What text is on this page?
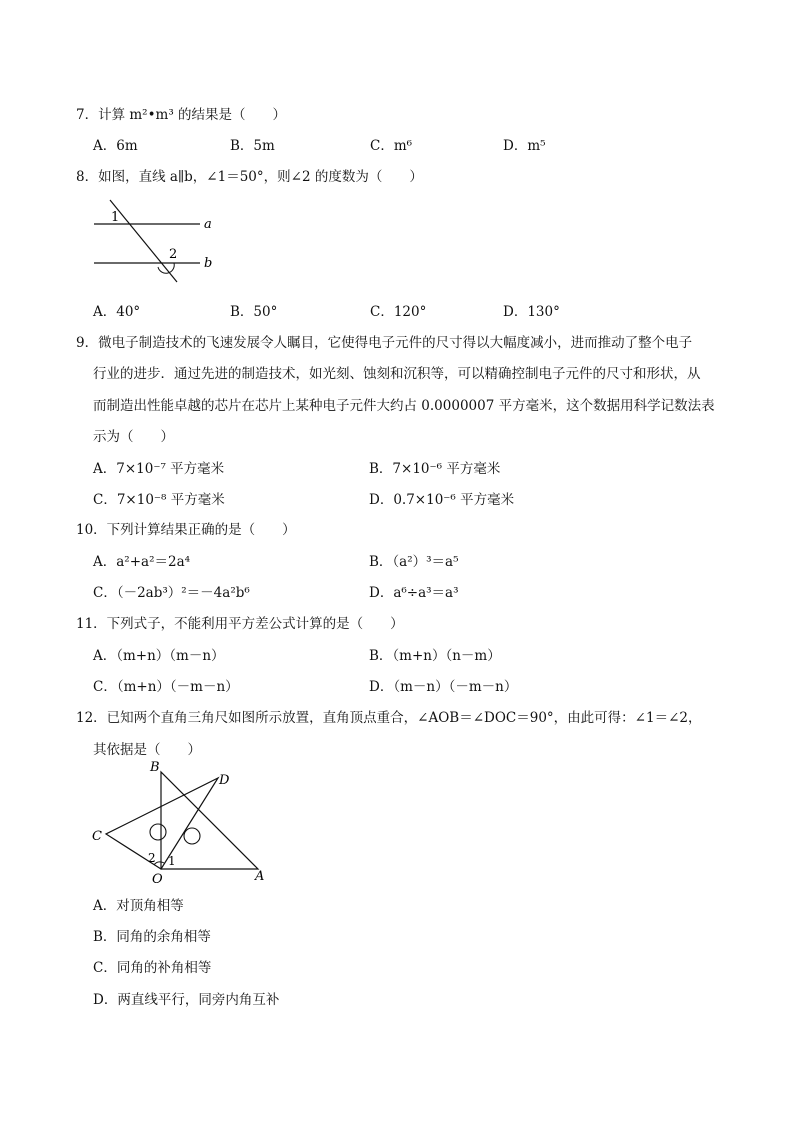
7．计算 m²•m³ 的结果是（　　）
A．6m	B．5m	C．m⁶	D．m⁵
8．如图，直线 a∥b，∠1＝50°，则∠2 的度数为（　　）
1
2
a
b
A．40°	B．50°	C．120°	D．130°
9．微电子制造技术的飞速发展令人瞩目，它使得电子元件的尺寸得以大幅度减小，进而推动了整个电子
行业的进步．通过先进的制造技术，如光刻、蚀刻和沉积等，可以精确控制电子元件的尺寸和形状，从
而制造出性能卓越的芯片在芯片上某种电子元件大约占 0.0000007 平方毫米，这个数据用科学记数法表
示为（　　）
A．7×10⁻⁷ 平方毫米	B．7×10⁻⁶ 平方毫米
C．7×10⁻⁸ 平方毫米	D．0.7×10⁻⁶ 平方毫米
10．下列计算结果正确的是（　　）
A．a²+a²＝2a⁴	B．（a²）³＝a⁵
C．（－2ab³）²＝－4a²b⁶	D．a⁶÷a³＝a³
11．下列式子，不能利用平方差公式计算的是（　　）
A．（m+n）（m－n）	B．（m+n）（n－m）
C．（m+n）（－m－n）	D．（m－n）（－m－n）
12．已知两个直角三角尺如图所示放置，直角顶点重合，∠AOB＝∠DOC＝90°，由此可得：∠1＝∠2，
其依据是（　　）
B
D
C
O	A
2 1
A．对顶角相等
B．同角的余角相等
C．同角的补角相等
D．两直线平行，同旁内角互补
